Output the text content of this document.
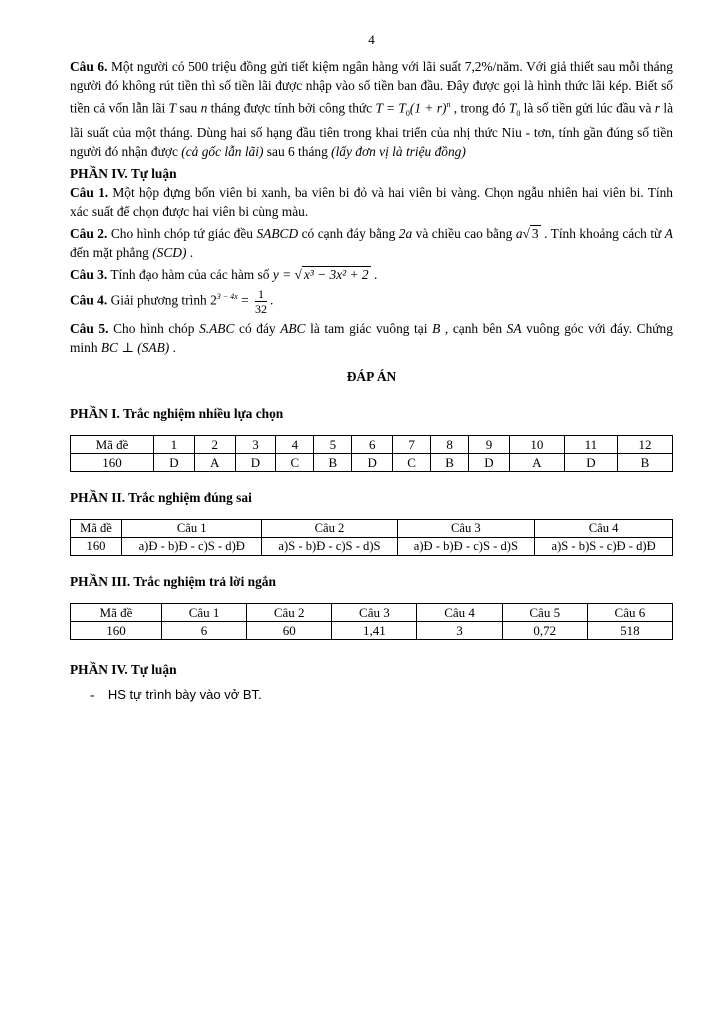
4

Câu 6. Một người có 500 triệu đồng gửi tiết kiệm ngân hàng với lãi suất 7,2%/năm. Với giả thiết sau mỗi tháng người đó không rút tiền thì số tiền lãi được nhập vào số tiền ban đầu. Đây được gọi là hình thức lãi kép. Biết số tiền cả vốn lẫn lãi T sau n tháng được tính bởi công thức $T = T_0(1 + r)^n$ , trong đó $T_0$ là số tiền gửi lúc đầu và r là lãi suất của một tháng. Dùng hai số hạng đầu tiên trong khai triển của nhị thức Niu - tơn, tính gần đúng số tiền người đó nhận được (cả gốc lẫn lãi) sau 6 tháng (lấy đơn vị là triệu đồng)

PHẦN IV. Tự luận

Câu 1. Một hộp đựng bốn viên bi xanh, ba viên bi đỏ và hai viên bi vàng. Chọn ngẫu nhiên hai viên bi. Tính xác suất để chọn được hai viên bi cùng màu.

Câu 2. Cho hình chóp tứ giác đều SABCD có cạnh đáy bằng 2a và chiều cao bằng a√ 3 . Tính khoảng cách từ A đến mặt phẳng (SCD) .

Câu 3. Tính đạo hàm của các hàm số y = √ x³ − 3x² + 2 .

Câu 4. Giải phương trình $2^{3 - 4x} = \frac{1}{32}$ .

Câu 5. Cho hình chóp S.ABC có đáy ABC là tam giác vuông tại B , cạnh bên SA vuông góc với đáy. Chứng minh BC ⊥ (SAB) .

ĐÁP ÁN
PHẦN I. Trắc nghiệm nhiều lựa chọn
Mã đề	1	2	3	4	5	6	7	8	9	10	11	12
160	D	A	D	C	B	D	C	B	D	A	D	B
PHẦN II. Trắc nghiệm đúng sai
Mã đề	Câu 1	Câu 2	Câu 3	Câu 4
160	a)Đ - b)Đ - c)S - d)Đ	a)S - b)Đ - c)S - d)S	a)Đ - b)Đ - c)S - d)S	a)S - b)S - c)Đ - d)Đ
PHẦN III. Trắc nghiệm trả lời ngắn
Mã đề	Câu 1	Câu 2	Câu 3	Câu 4	Câu 5	Câu 6
160	6	60	1,41	3	0,72	518
PHẦN IV. Tự luận
- HS tự trình bày vào vở BT.
